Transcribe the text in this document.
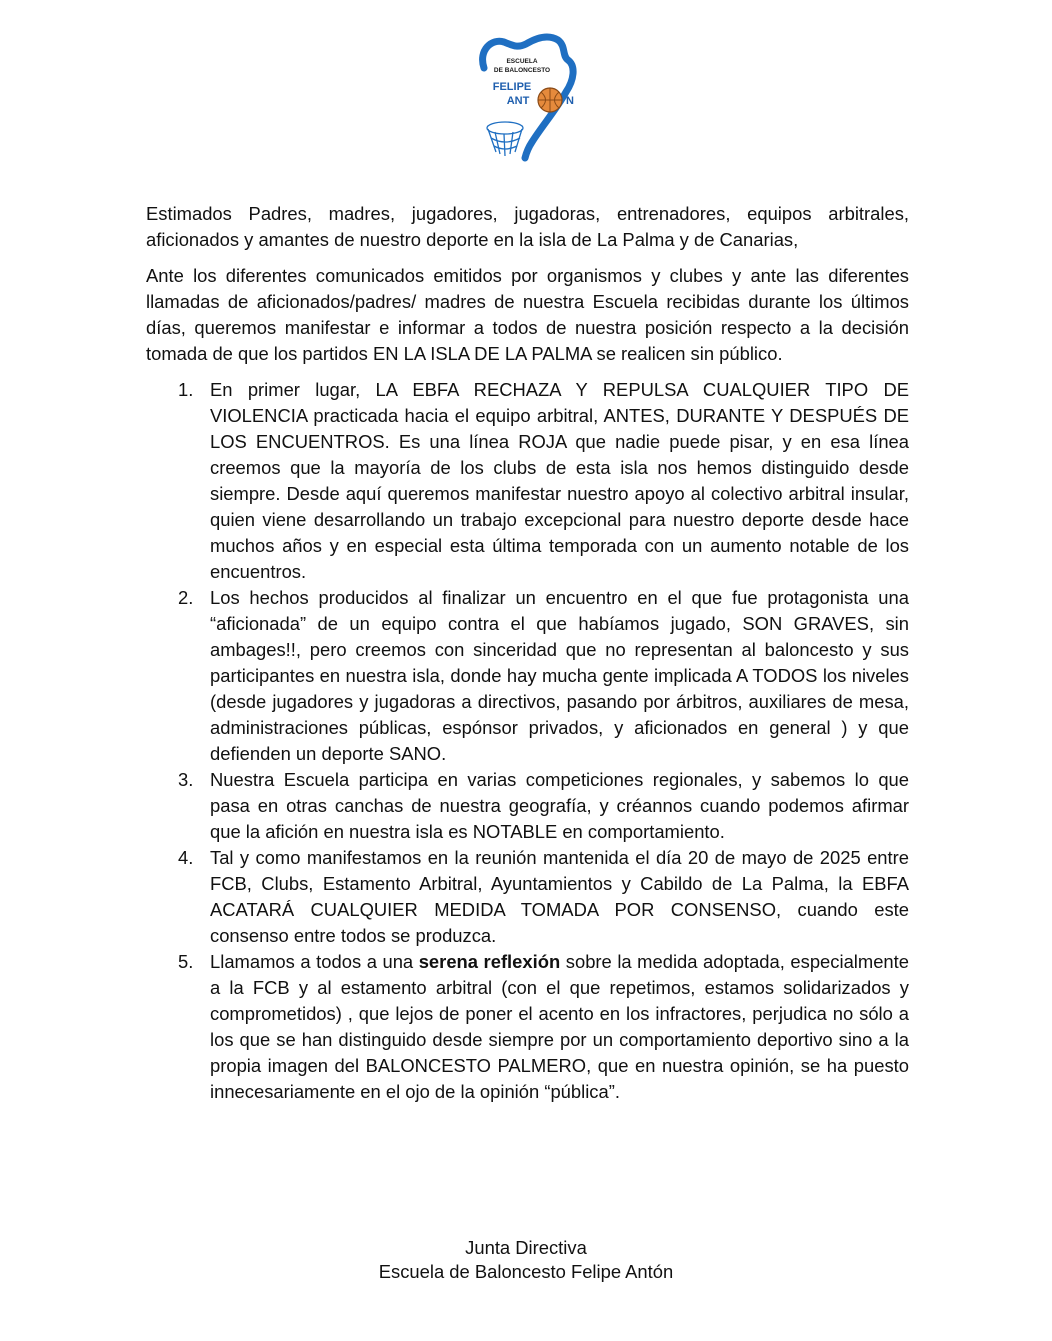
ESCUELA
DE BALONCESTO
FELIPE
ANT	N

Estimados Padres, madres, jugadores, jugadoras, entrenadores, equipos arbitrales, aficionados y amantes de nuestro deporte en la isla de La Palma y de Canarias,

Ante los diferentes comunicados emitidos por organismos y clubes y ante las diferentes llamadas de aficionados/padres/ madres de nuestra Escuela recibidas durante los últimos días, queremos manifestar e informar a todos de nuestra posición respecto a la decisión tomada de que los partidos EN LA ISLA DE LA PALMA se realicen sin público.

1. En primer lugar, LA EBFA RECHAZA Y REPULSA CUALQUIER TIPO DE VIOLENCIA practicada hacia el equipo arbitral, ANTES, DURANTE Y DESPUÉS DE LOS ENCUENTROS. Es una línea ROJA que nadie puede pisar, y en esa línea creemos que la mayoría de los clubs de esta isla nos hemos distinguido desde siempre. Desde aquí queremos manifestar nuestro apoyo al colectivo arbitral insular, quien viene desarrollando un trabajo excepcional para nuestro deporte desde hace muchos años y en especial esta última temporada con un aumento notable de los encuentros.
2. Los hechos producidos al finalizar un encuentro en el que fue protagonista una “aficionada” de un equipo contra el que habíamos jugado, SON GRAVES, sin ambages!!, pero creemos con sinceridad que no representan al baloncesto y sus participantes en nuestra isla, donde hay mucha gente implicada A TODOS los niveles (desde jugadores y jugadoras a directivos, pasando por árbitros, auxiliares de mesa, administraciones públicas, espónsor privados, y aficionados en general ) y que defienden un deporte SANO.
3. Nuestra Escuela participa en varias competiciones regionales, y sabemos lo que pasa en otras canchas de nuestra geografía, y créannos cuando podemos afirmar que la afición en nuestra isla es NOTABLE en comportamiento.
4. Tal y como manifestamos en la reunión mantenida el día 20 de mayo de 2025 entre FCB, Clubs, Estamento Arbitral, Ayuntamientos y Cabildo de La Palma, la EBFA ACATARÁ CUALQUIER MEDIDA TOMADA POR CONSENSO, cuando este consenso entre todos se produzca.
5. Llamamos a todos a una serena reflexión sobre la medida adoptada, especialmente a la FCB y al estamento arbitral (con el que repetimos, estamos solidarizados y comprometidos) , que lejos de poner el acento en los infractores, perjudica no sólo a los que se han distinguido desde siempre por un comportamiento deportivo sino a la propia imagen del BALONCESTO PALMERO, que en nuestra opinión, se ha puesto innecesariamente en el ojo de la opinión “pública”.
Junta Directiva
Escuela de Baloncesto Felipe Antón
